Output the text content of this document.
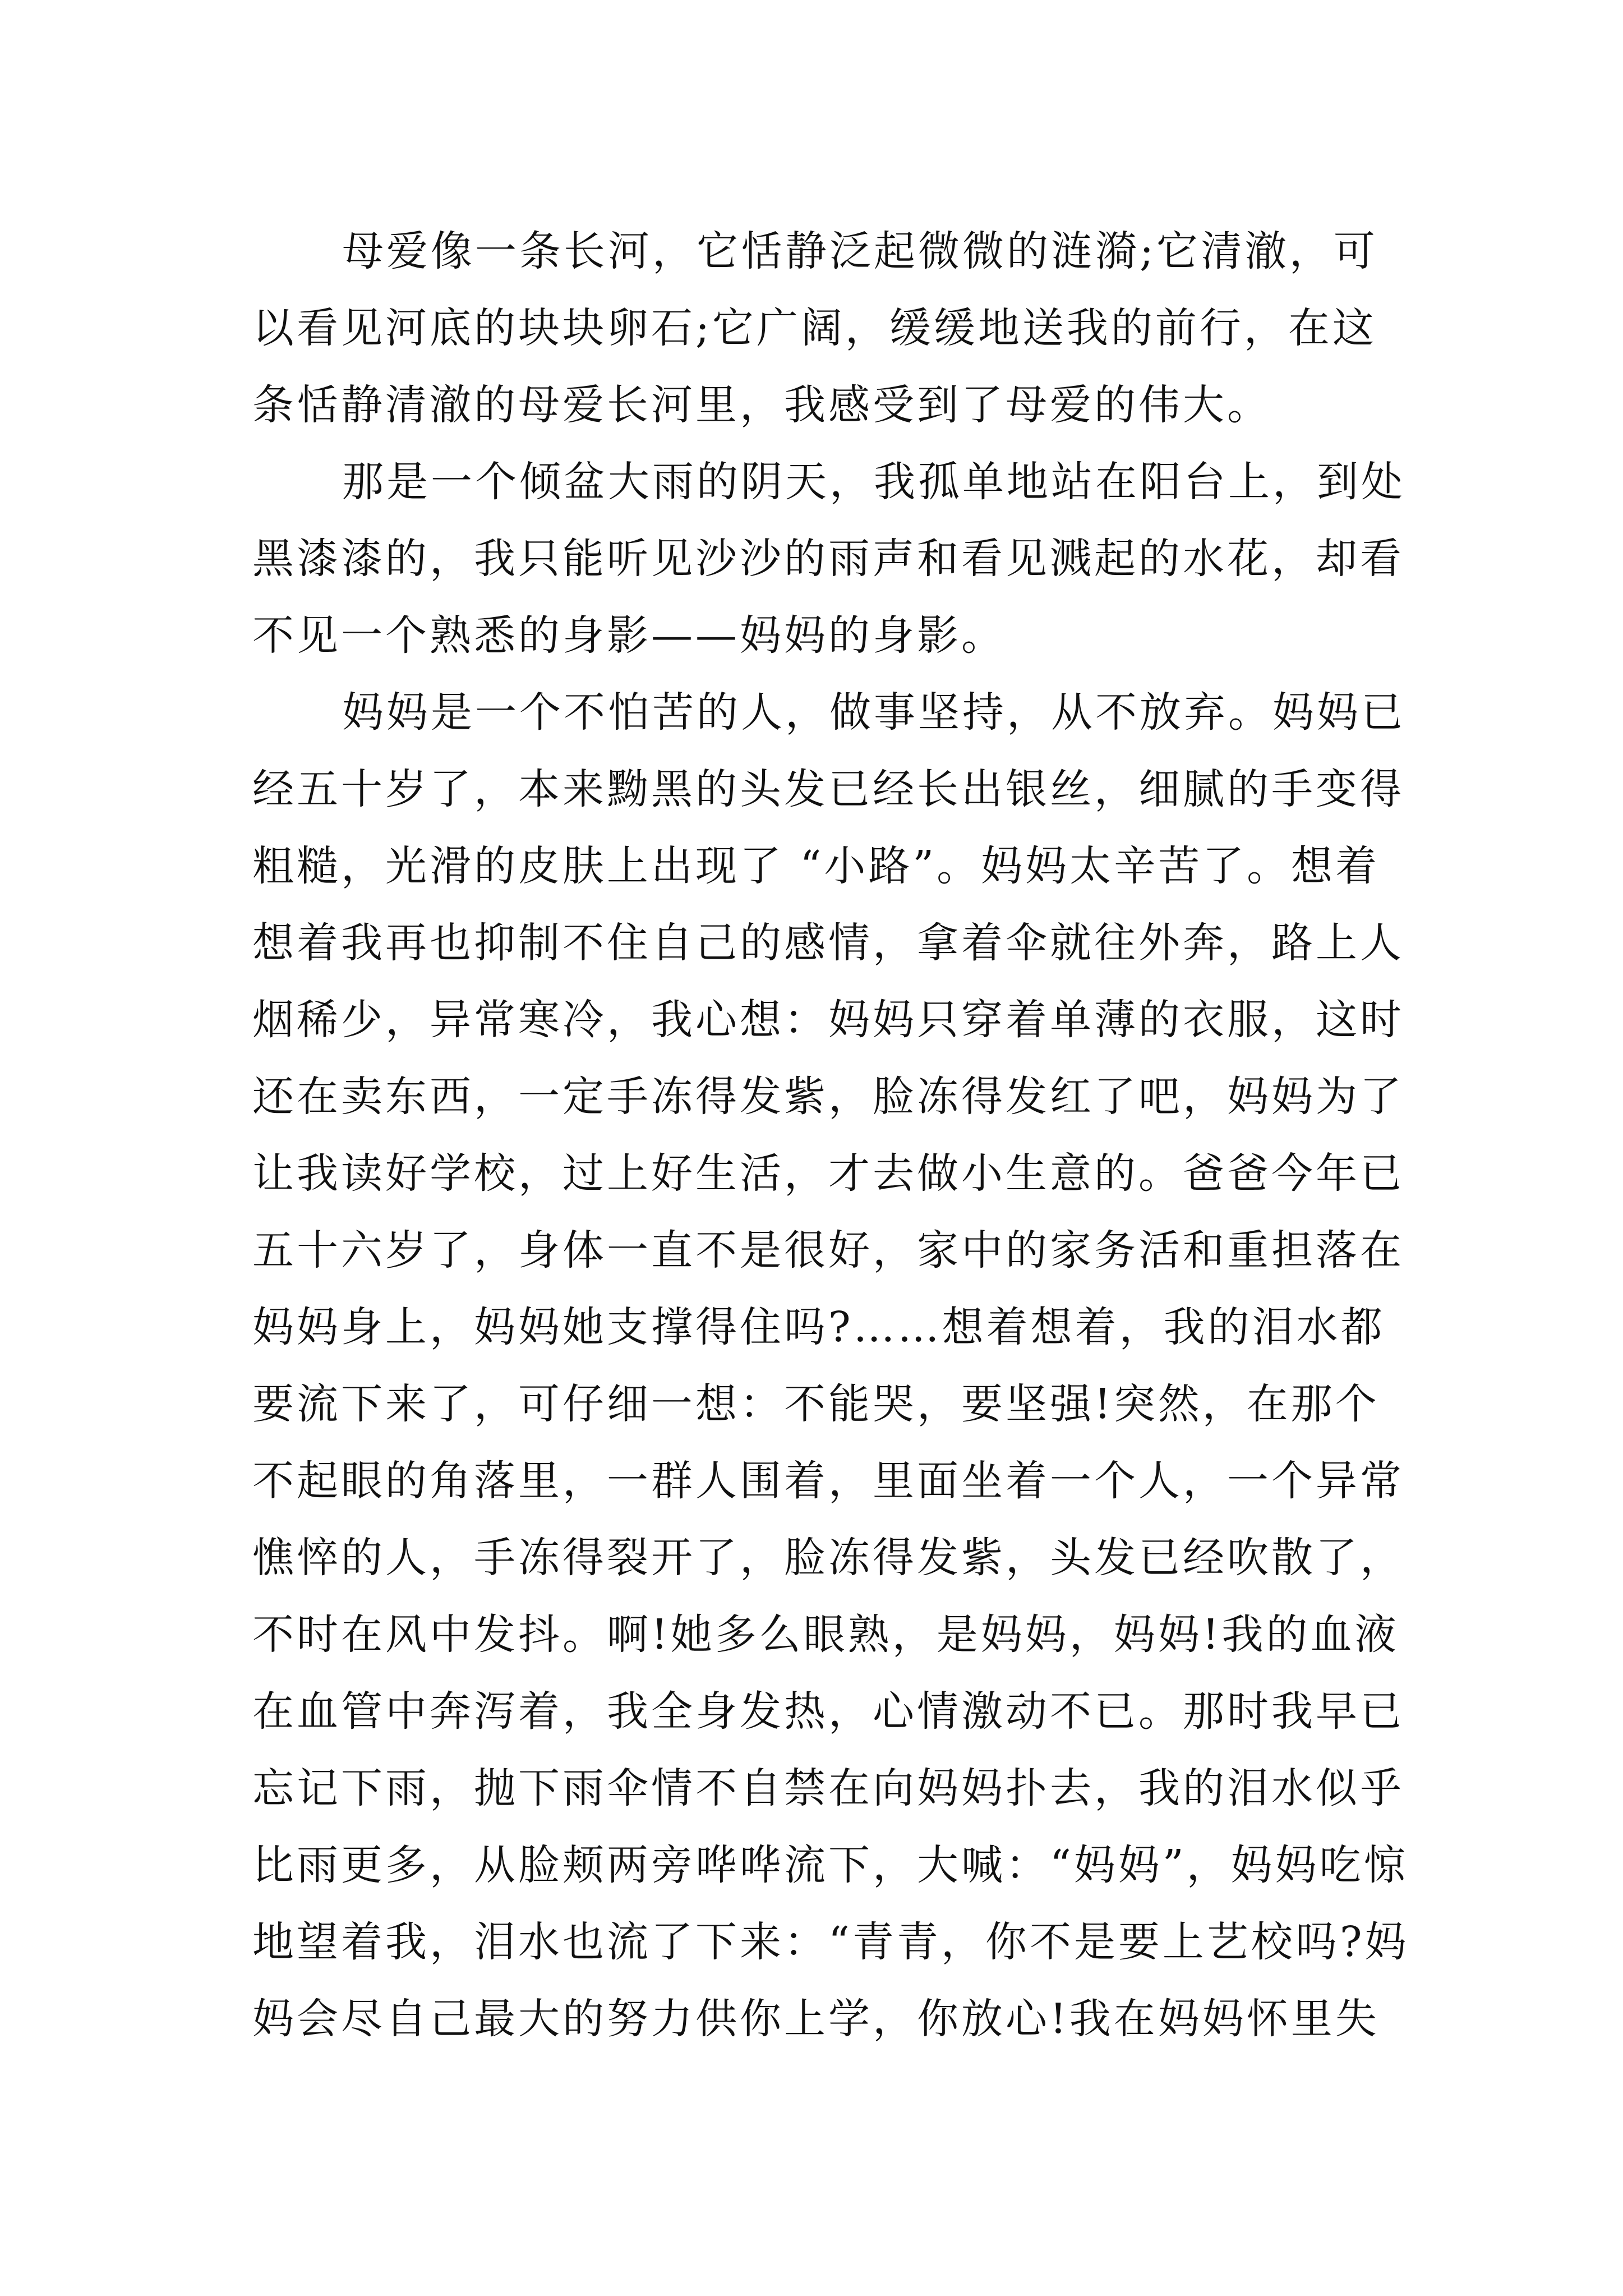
母爱像一条长河，它恬静泛起微微的涟漪;它清澈，可
以看见河底的块块卵石;它广阔，缓缓地送我的前行，在这
条恬静清澈的母爱长河里，我感受到了母爱的伟大。
那是一个倾盆大雨的阴天，我孤单地站在阳台上，到处
黑漆漆的，我只能听见沙沙的雨声和看见溅起的水花，却看
不见一个熟悉的身影——妈妈的身影。
妈妈是一个不怕苦的人，做事坚持，从不放弃。妈妈已
经五十岁了，本来黝黑的头发已经长出银丝，细腻的手变得
粗糙，光滑的皮肤上出现了 “小路”。妈妈太辛苦了。想着
想着我再也抑制不住自己的感情，拿着伞就往外奔，路上人
烟稀少，异常寒冷，我心想：妈妈只穿着单薄的衣服，这时
还在卖东西，一定手冻得发紫，脸冻得发红了吧，妈妈为了
让我读好学校，过上好生活，才去做小生意的。爸爸今年已
五十六岁了，身体一直不是很好，家中的家务活和重担落在
妈妈身上，妈妈她支撑得住吗?……想着想着，我的泪水都
要流下来了，可仔细一想：不能哭，要坚强!突然，在那个
不起眼的角落里，一群人围着，里面坐着一个人，一个异常
憔悴的人，手冻得裂开了，脸冻得发紫，头发已经吹散了，
不时在风中发抖。啊!她多么眼熟，是妈妈，妈妈!我的血液
在血管中奔泻着，我全身发热，心情激动不已。那时我早已
忘记下雨，抛下雨伞情不自禁在向妈妈扑去，我的泪水似乎
比雨更多，从脸颊两旁哗哗流下，大喊：“妈妈”，妈妈吃惊
地望着我，泪水也流了下来：“青青，你不是要上艺校吗?妈
妈会尽自己最大的努力供你上学，你放心!我在妈妈怀里失
